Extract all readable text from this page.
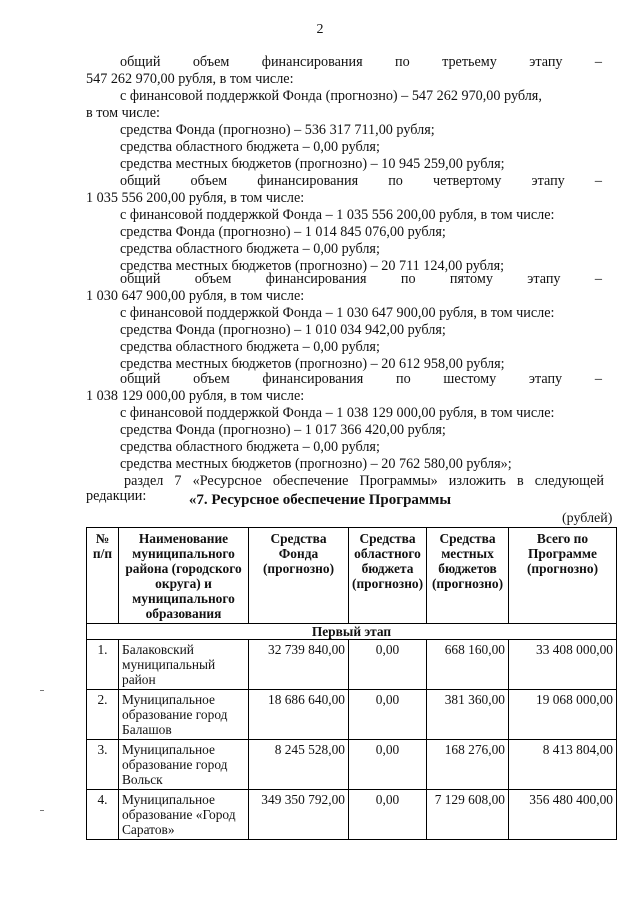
2
общий объем финансирования по третьему этапу –
547 262 970,00 рубля, в том числе:
с финансовой поддержкой Фонда (прогнозно) – 547 262 970,00 рубля,
в том числе:
средства Фонда (прогнозно) – 536 317 711,00 рубля;
средства областного бюджета – 0,00 рубля;
средства местных бюджетов (прогнозно) – 10 945 259,00 рубля;
общий объем финансирования по четвертому этапу –
1 035 556 200,00 рубля, в том числе:
с финансовой поддержкой Фонда – 1 035 556 200,00 рубля, в том числе:
средства Фонда (прогнозно) – 1 014 845 076,00 рубля;
средства областного бюджета – 0,00 рубля;
средства местных бюджетов (прогнозно) – 20 711 124,00 рубля;
общий объем финансирования по пятому этапу –
1 030 647 900,00 рубля, в том числе:
с финансовой поддержкой Фонда – 1 030 647 900,00 рубля, в том числе:
средства Фонда (прогнозно) – 1 010 034 942,00 рубля;
средства областного бюджета – 0,00 рубля;
средства местных бюджетов (прогнозно) – 20 612 958,00 рубля;
общий объем финансирования по шестому этапу –
1 038 129 000,00 рубля, в том числе:
с финансовой поддержкой Фонда – 1 038 129 000,00 рубля, в том числе:
средства Фонда (прогнозно) – 1 017 366 420,00 рубля;
средства областного бюджета – 0,00 рубля;
средства местных бюджетов (прогнозно) – 20 762 580,00 рубля»;
раздел 7 «Ресурсное обеспечение Программы» изложить в следующей
редакции:	«7. Ресурсное обеспечение Программы
(рублей)
№ п/п	Наименование муниципального района (городского округа) и муниципального образования	Средства Фонда (прогнозно)	Средства областного бюджета (прогнозно)	Средства местных бюджетов (прогнозно)	Всего по Программе (прогнозно)
Первый этап					
1.	Балаковский муниципальный район	32 739 840,00	0,00	668 160,00	33 408 000,00
2.	Муниципальное образование город Балашов	18 686 640,00	0,00	381 360,00	19 068 000,00
3.	Муниципальное образование город Вольск	8 245 528,00	0,00	168 276,00	8 413 804,00
4.	Муниципальное образование «Город Саратов»	349 350 792,00	0,00	7 129 608,00	356 480 400,00
